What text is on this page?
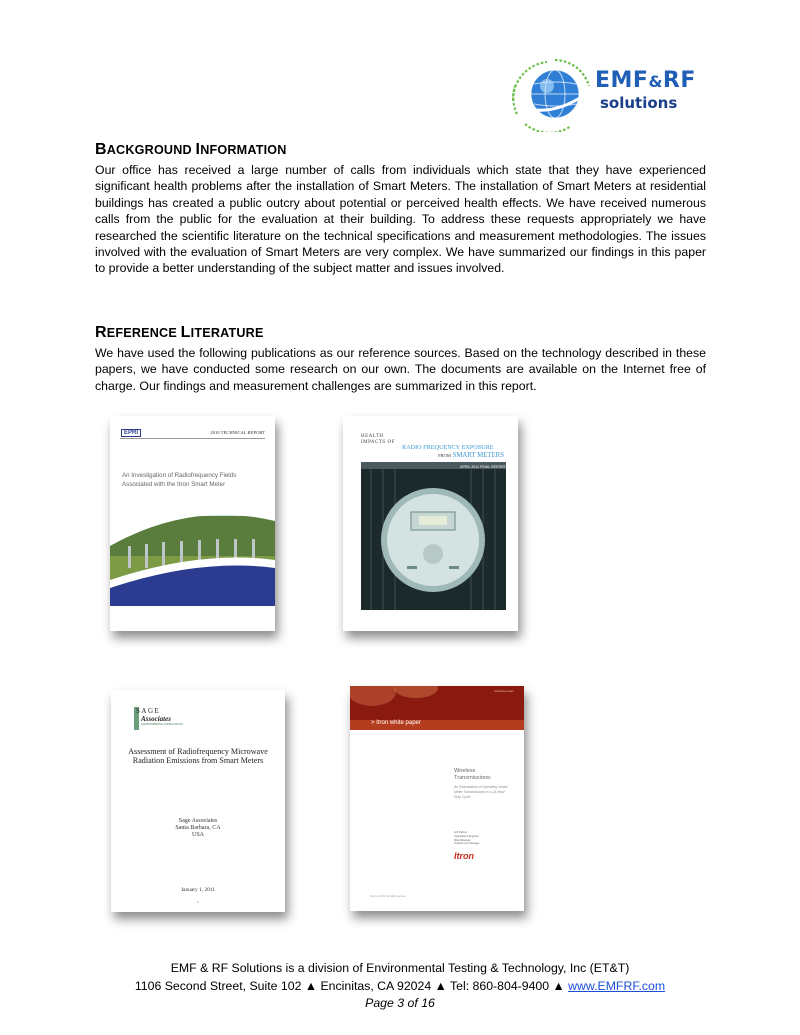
EMF&RF
solutions
BACKGROUND INFORMATION
Our office has received a large number of calls from individuals which state that they have experienced significant health problems after the installation of Smart Meters. The installation of Smart Meters at residential buildings has created a public outcry about potential or perceived health effects. We have received numerous calls from the public for the evaluation at their building. To address these requests appropriately we have researched the scientific literature on the technical specifications and measurement methodologies. The issues involved with the evaluation of Smart Meters are very complex. We have summarized our findings in this paper to provide a better understanding of the subject matter and issues involved.
REFERENCE LITERATURE
We have used the following publications as our reference sources. Based on the technology described in these papers, we have conducted some research on our own. The documents are available on the Internet free of charge. Our findings and measurement challenges are summarized in this report.
EPRI	2010 TECHNICAL REPORT
An Investigation of Radiofrequency Fields Associated with the Itron Smart Meter
HEALTH
IMPACTS OF
RADIO FREQUENCY EXPOSURE
FROM SMART METERS
APRIL 2011 FINAL REPORT
SAGE
Associates
ENVIRONMENTAL CONSULTANTS
Assessment of Radiofrequency Microwave Radiation Emissions from Smart Meters
Sage Associates
Santa Barbara, CA
USA
January 1, 2011
1
www.itron.com
> Itron white paper
Wireless
Transmissions:
An Examination of OpenWay Smart Meter Transmissions in a 24-Hour Duty Cycle
Jeff Palmer
Applications Engineer
Mike Belanger
Product Line Manager
Itron
Itron Inc. 2011. All rights reserved.
EMF & RF Solutions is a division of Environmental Testing & Technology, Inc (ET&T)
1106 Second Street, Suite 102 ▲ Encinitas, CA 92024 ▲ Tel: 860-804-9400 ▲ www.EMFRF.com
Page 3 of 16
